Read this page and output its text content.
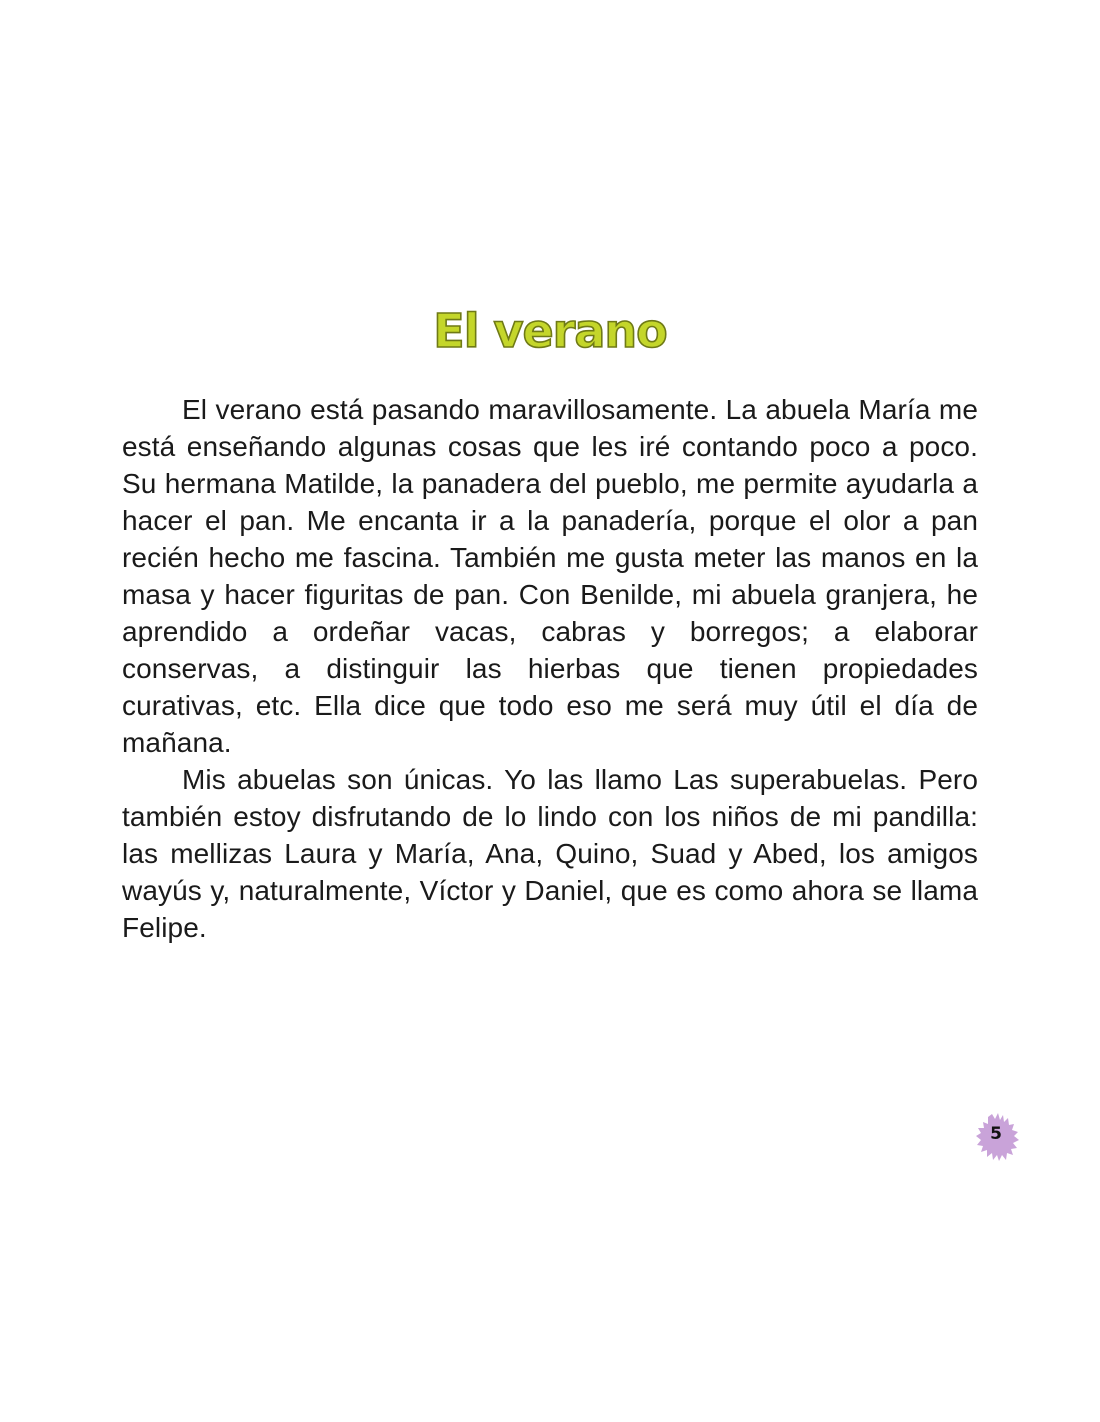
El verano

El verano está pasando maravillosamente. La abuela María me está enseñando algunas cosas que les iré contando poco a poco. Su hermana Matilde, la panadera del pueblo, me permite ayudarla a hacer el pan. Me encanta ir a la panadería, porque el olor a pan recién hecho me fascina. También me gusta meter las manos en la masa y hacer figuritas de pan. Con Benilde, mi abuela granjera, he aprendido a ordeñar vacas, cabras y borregos; a elaborar conservas, a distinguir las hierbas que tienen propiedades curativas, etc. Ella dice que todo eso me será muy útil el día de mañana.

Mis abuelas son únicas. Yo las llamo Las superabuelas. Pero también estoy disfrutando de lo lindo con los niños de mi pandilla: las mellizas Laura y María, Ana, Quino, Suad y Abed, los amigos wayús y, naturalmente, Víctor y Daniel, que es como ahora se llama Felipe.

5
